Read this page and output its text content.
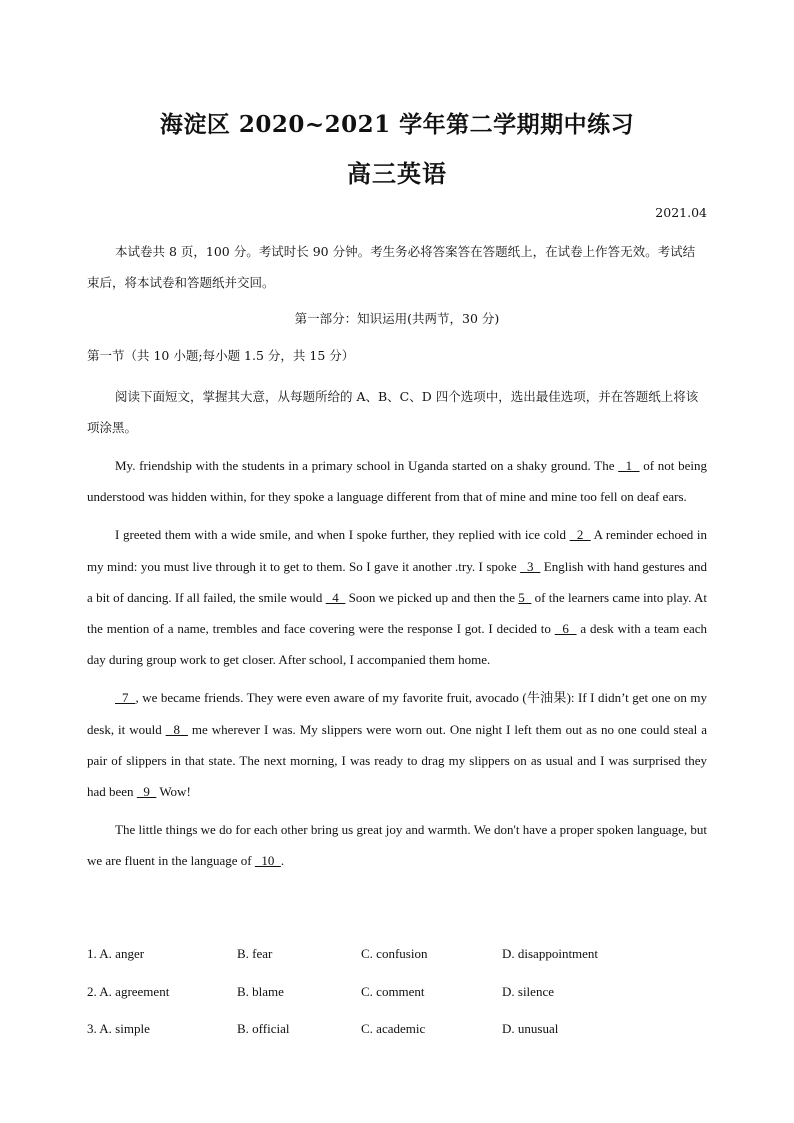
海淀区 2020~2021 学年第二学期期中练习
高三英语
2021.04
本试卷共 8 页，100 分。考试时长 90 分钟。考生务必将答案答在答题纸上，在试卷上作答无效。考试结束后，将本试卷和答题纸并交回。
第一部分：知识运用(共两节，30 分)
第一节（共 10 小题;每小题 1.5 分，共 15 分）
阅读下面短文，掌握其大意，从每题所给的 A、B、C、D 四个选项中，选出最佳选项，并在答题纸上将该项涂黑。

My. friendship with the students in a primary school in Uganda started on a shaky ground. The   1   of not being understood was hidden within, for they spoke a language different from that of mine and mine too fell on deaf ears.

I greeted them with a wide smile, and when I spoke further, they replied with ice cold   2   A reminder echoed in my mind: you must live through it to get to them. So I gave it another .try. I spoke   3   English with hand gestures and a bit of dancing. If all failed, the smile would   4   Soon we picked up and then the 5   of the learners came into play. At the mention of a name, trembles and face covering were the response I got. I decided to   6   a desk with a team each day during group work to get closer. After school, I accompanied them home.

7  , we became friends. They were even aware of my favorite fruit, avocado (牛油果): If I didn’t get one on my desk, it would   8   me wherever I was. My slippers were worn out. One night I left them out as no one could steal a pair of slippers in that state. The next morning, I was ready to drag my slippers on as usual and I was surprised they had been   9   Wow!

The little things we do for each other bring us great joy and warmth. We don't have a proper spoken language, but we are fluent in the language of   10  .

1. A. anger	B. fear	C. confusion	D. disappointment
2. A. agreement	B. blame	C. comment	D. silence
3. A. simple	B. official	C. academic	D. unusual
